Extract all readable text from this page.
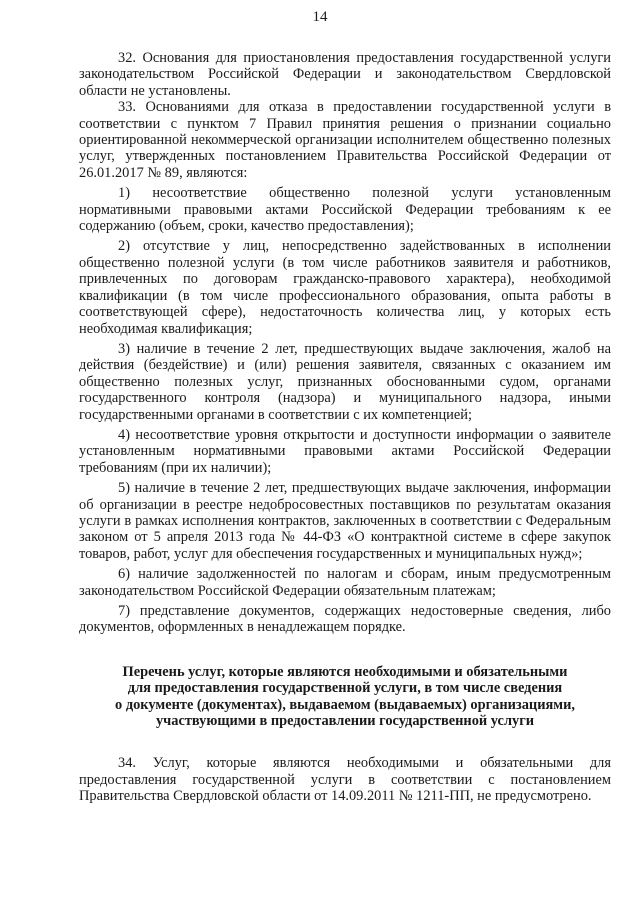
14

32. Основания для приостановления предоставления государственной услуги законодательством Российской Федерации и законодательством Свердловской области не установлены.

33. Основаниями для отказа в предоставлении государственной услуги в соответствии с пунктом 7 Правил принятия решения о признании социально ориентированной некоммерческой организации исполнителем общественно полезных услуг, утвержденных постановлением Правительства Российской Федерации от 26.01.2017 № 89, являются:

1) несоответствие общественно полезной услуги установленным нормативными правовыми актами Российской Федерации требованиям к ее содержанию (объем, сроки, качество предоставления);

2) отсутствие у лиц, непосредственно задействованных в исполнении общественно полезной услуги (в том числе работников заявителя и работников, привлеченных по договорам гражданско-правового характера), необходимой квалификации (в том числе профессионального образования, опыта работы в соответствующей сфере), недостаточность количества лиц, у которых есть необходимая квалификация;

3) наличие в течение 2 лет, предшествующих выдаче заключения, жалоб на действия (бездействие) и (или) решения заявителя, связанных с оказанием им общественно полезных услуг, признанных обоснованными судом, органами государственного контроля (надзора) и муниципального надзора, иными государственными органами в соответствии с их компетенцией;

4) несоответствие уровня открытости и доступности информации о заявителе установленным нормативными правовыми актами Российской Федерации требованиям (при их наличии);

5) наличие в течение 2 лет, предшествующих выдаче заключения, информации об организации в реестре недобросовестных поставщиков по результатам оказания услуги в рамках исполнения контрактов, заключенных в соответствии с Федеральным законом от 5 апреля 2013 года № 44-ФЗ «О контрактной системе в сфере закупок товаров, работ, услуг для обеспечения государственных и муниципальных нужд»;

6) наличие задолженностей по налогам и сборам, иным предусмотренным законодательством Российской Федерации обязательным платежам;

7) представление документов, содержащих недостоверные сведения, либо документов, оформленных в ненадлежащем порядке.

Перечень услуг, которые являются необходимыми и обязательными
для предоставления государственной услуги, в том числе сведения
о документе (документах), выдаваемом (выдаваемых) организациями,
участвующими в предоставлении государственной услуги

34. Услуг, которые являются необходимыми и обязательными для предоставления государственной услуги в соответствии с постановлением Правительства Свердловской области от 14.09.2011 № 1211-ПП, не предусмотрено.
